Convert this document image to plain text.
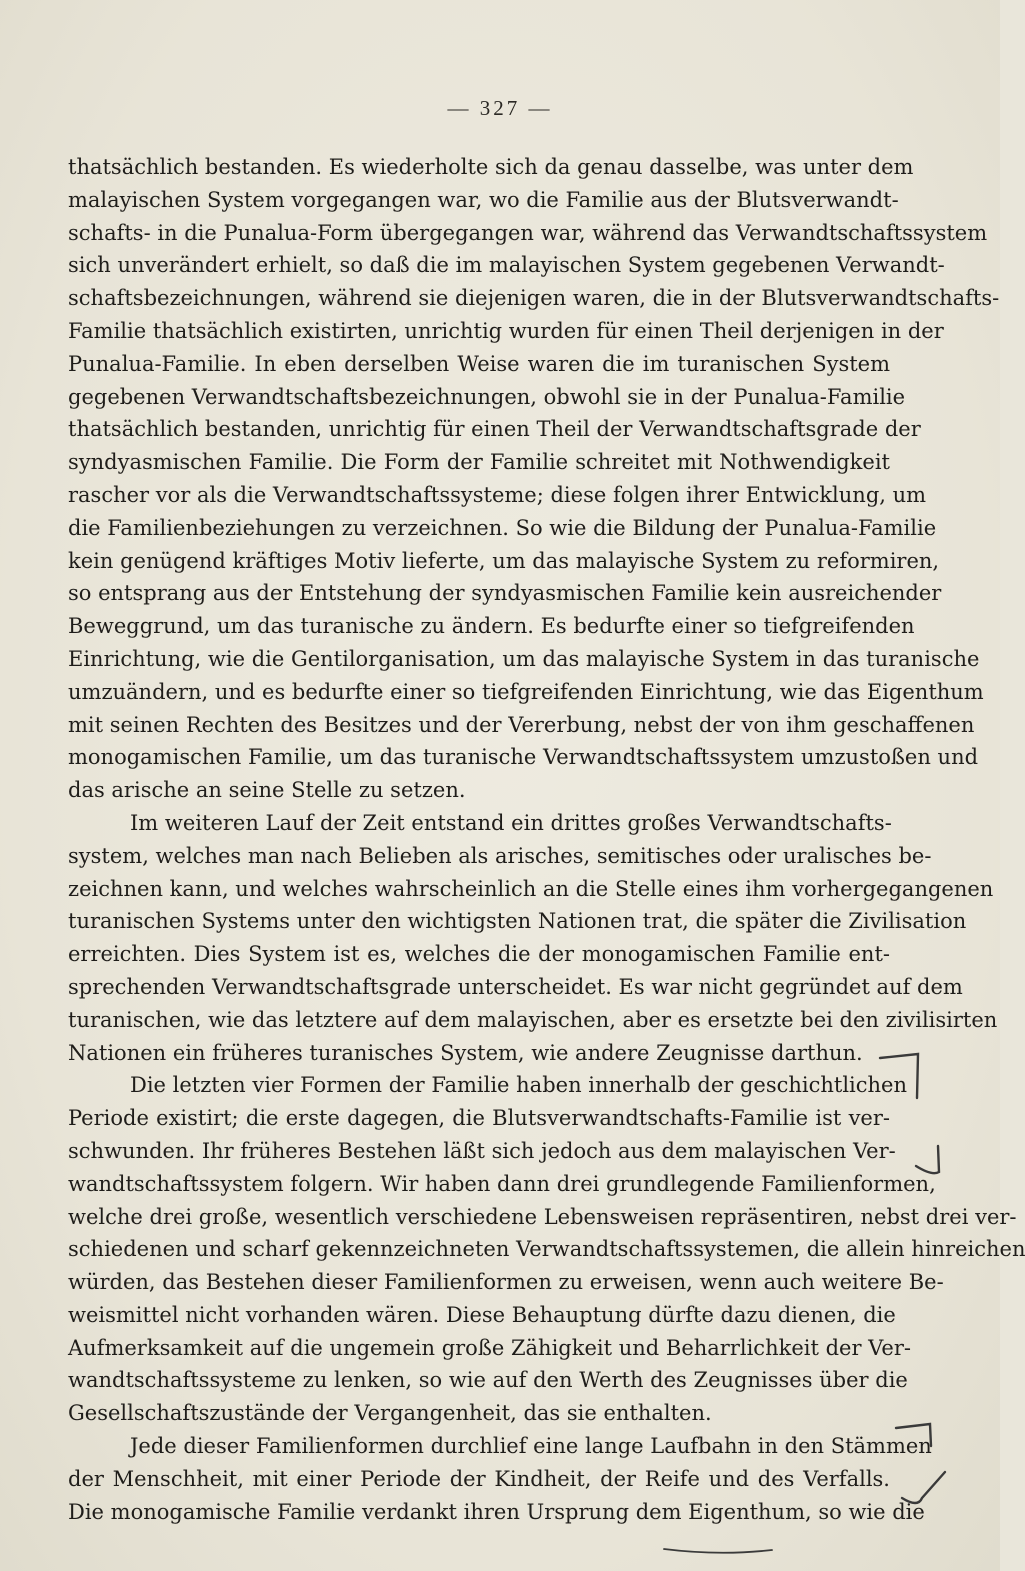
— 327 —
thatsächlich bestanden. Es wiederholte sich da genau dasselbe, was unter dem
malayischen System vorgegangen war, wo die Familie aus der Blutsverwandt-
schafts- in die Punalua-Form übergegangen war, während das Verwandtschaftssystem
sich unverändert erhielt, so daß die im malayischen System gegebenen Verwandt-
schaftsbezeichnungen, während sie diejenigen waren, die in der Blutsverwandtschafts-
Familie thatsächlich existirten, unrichtig wurden für einen Theil derjenigen in der
Punalua-Familie. In eben derselben Weise waren die im turanischen System
gegebenen Verwandtschaftsbezeichnungen, obwohl sie in der Punalua-Familie
thatsächlich bestanden, unrichtig für einen Theil der Verwandtschaftsgrade der
syndyasmischen Familie. Die Form der Familie schreitet mit Nothwendigkeit
rascher vor als die Verwandtschaftssysteme; diese folgen ihrer Entwicklung, um
die Familienbeziehungen zu verzeichnen. So wie die Bildung der Punalua-Familie
kein genügend kräftiges Motiv lieferte, um das malayische System zu reformiren,
so entsprang aus der Entstehung der syndyasmischen Familie kein ausreichender
Beweggrund, um das turanische zu ändern. Es bedurfte einer so tiefgreifenden
Einrichtung, wie die Gentilorganisation, um das malayische System in das turanische
umzuändern, und es bedurfte einer so tiefgreifenden Einrichtung, wie das Eigenthum
mit seinen Rechten des Besitzes und der Vererbung, nebst der von ihm geschaffenen
monogamischen Familie, um das turanische Verwandtschaftssystem umzustoßen und
das arische an seine Stelle zu setzen.
Im weiteren Lauf der Zeit entstand ein drittes großes Verwandtschafts-
system, welches man nach Belieben als arisches, semitisches oder uralisches be-
zeichnen kann, und welches wahrscheinlich an die Stelle eines ihm vorhergegangenen
turanischen Systems unter den wichtigsten Nationen trat, die später die Zivilisation
erreichten. Dies System ist es, welches die der monogamischen Familie ent-
sprechenden Verwandtschaftsgrade unterscheidet. Es war nicht gegründet auf dem
turanischen, wie das letztere auf dem malayischen, aber es ersetzte bei den zivilisirten
Nationen ein früheres turanisches System, wie andere Zeugnisse darthun.
Die letzten vier Formen der Familie haben innerhalb der geschichtlichen
Periode existirt; die erste dagegen, die Blutsverwandtschafts-Familie ist ver-
schwunden. Ihr früheres Bestehen läßt sich jedoch aus dem malayischen Ver-
wandtschaftssystem folgern. Wir haben dann drei grundlegende Familienformen,
welche drei große, wesentlich verschiedene Lebensweisen repräsentiren, nebst drei ver-
schiedenen und scharf gekennzeichneten Verwandtschaftssystemen, die allein hinreichen
würden, das Bestehen dieser Familienformen zu erweisen, wenn auch weitere Be-
weismittel nicht vorhanden wären. Diese Behauptung dürfte dazu dienen, die
Aufmerksamkeit auf die ungemein große Zähigkeit und Beharrlichkeit der Ver-
wandtschaftssysteme zu lenken, so wie auf den Werth des Zeugnisses über die
Gesellschaftszustände der Vergangenheit, das sie enthalten.
Jede dieser Familienformen durchlief eine lange Laufbahn in den Stämmen
der Menschheit, mit einer Periode der Kindheit, der Reife und des Verfalls.
Die monogamische Familie verdankt ihren Ursprung dem Eigenthum, so wie die
